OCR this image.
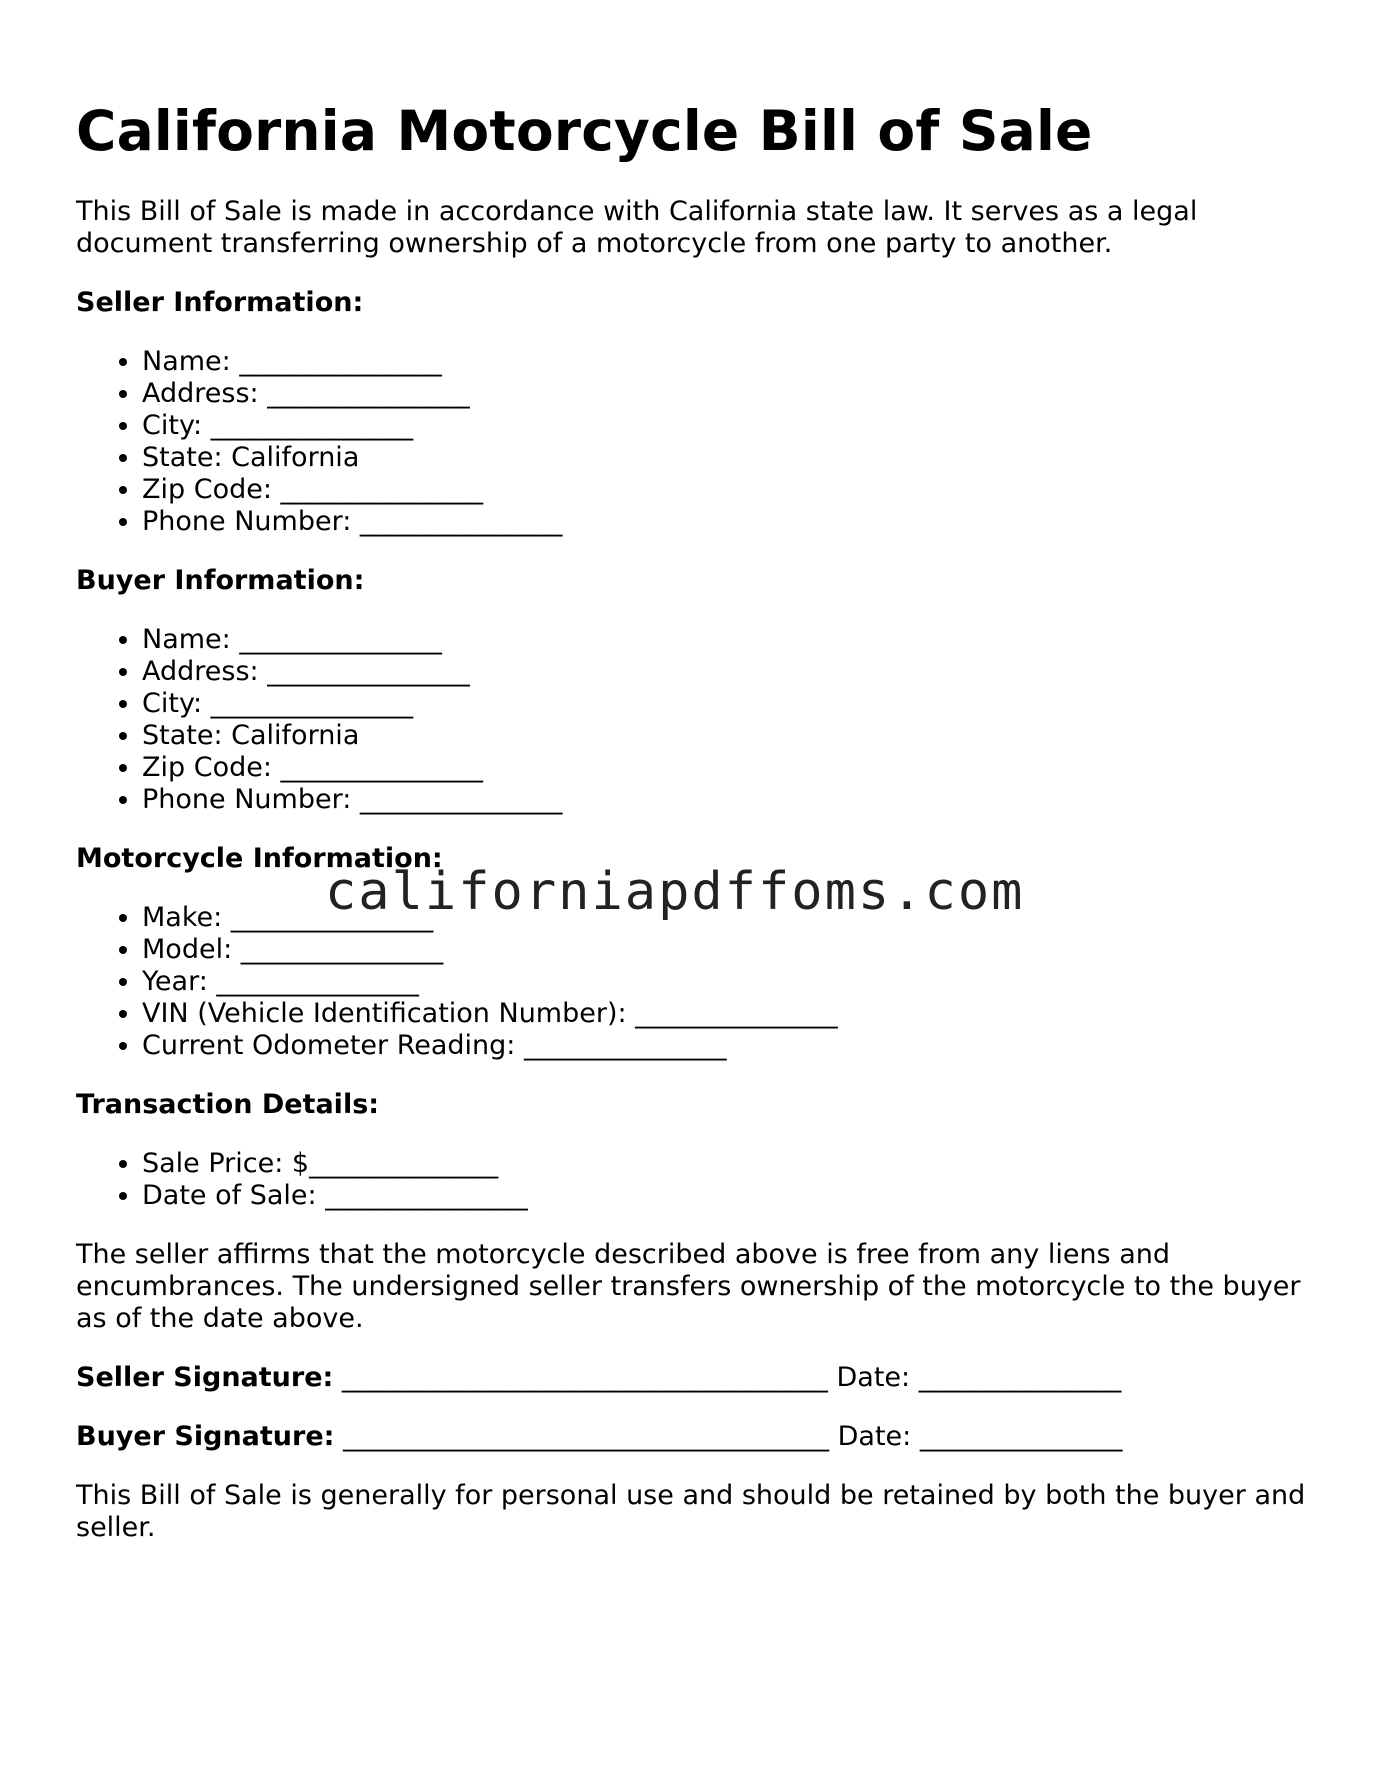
California Motorcycle Bill of Sale

This Bill of Sale is made in accordance with California state law. It serves as a legal document transferring ownership of a motorcycle from one party to another.

Seller Information:
• Name: _______________
• Address: _______________
• City: _______________
• State: California
• Zip Code: _______________
• Phone Number: _______________
Buyer Information:
• Name: _______________
• Address: _______________
• City: _______________
• State: California
• Zip Code: _______________
• Phone Number: _______________
Motorcycle Information:
• Make: _______________
• Model: _______________
• Year: _______________
• VIN (Vehicle Identification Number): _______________
• Current Odometer Reading: _______________
Transaction Details:
• Sale Price: $______________
• Date of Sale: _______________

The seller affirms that the motorcycle described above is free from any liens and encumbrances. The undersigned seller transfers ownership of the motorcycle to the buyer as of the date above.

Seller Signature: ____________________________________ Date: _______________

Buyer Signature: ____________________________________ Date: _______________

This Bill of Sale is generally for personal use and should be retained by both the buyer and seller.

californiapdffoms.com
